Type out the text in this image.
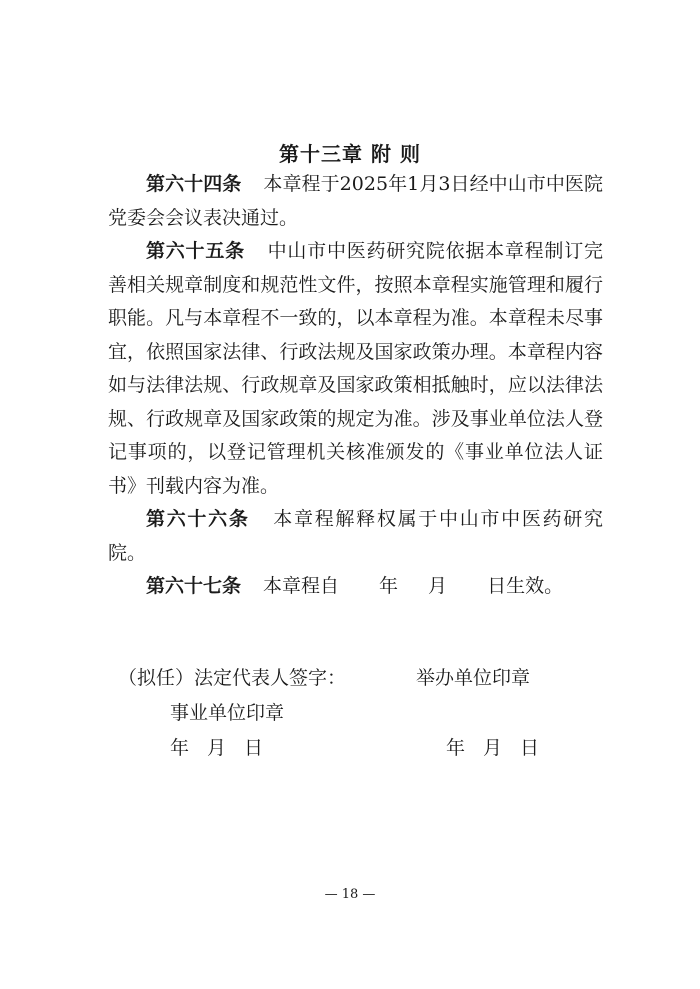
第十三章 附 则

第六十四条 本章程于2025年1月3日经中山市中医院党委会会议表决通过。

第六十五条 中山市中医药研究院依据本章程制订完善相关规章制度和规范性文件，按照本章程实施管理和履行职能。凡与本章程不一致的，以本章程为准。本章程未尽事宜，依照国家法律、行政法规及国家政策办理。本章程内容如与法律法规、行政规章及国家政策相抵触时，应以法律法规、行政规章及国家政策的规定为准。涉及事业单位法人登记事项的，以登记管理机关核准颁发的《事业单位法人证书》刊载内容为准。

第六十六条 本章程解释权属于中山市中医药研究院。

第六十七条 本章程自 年 月 日生效。

（拟任）法定代表人签字：	举办单位印章
事业单位印章
年 月 日	年 月 日
— 18 —
